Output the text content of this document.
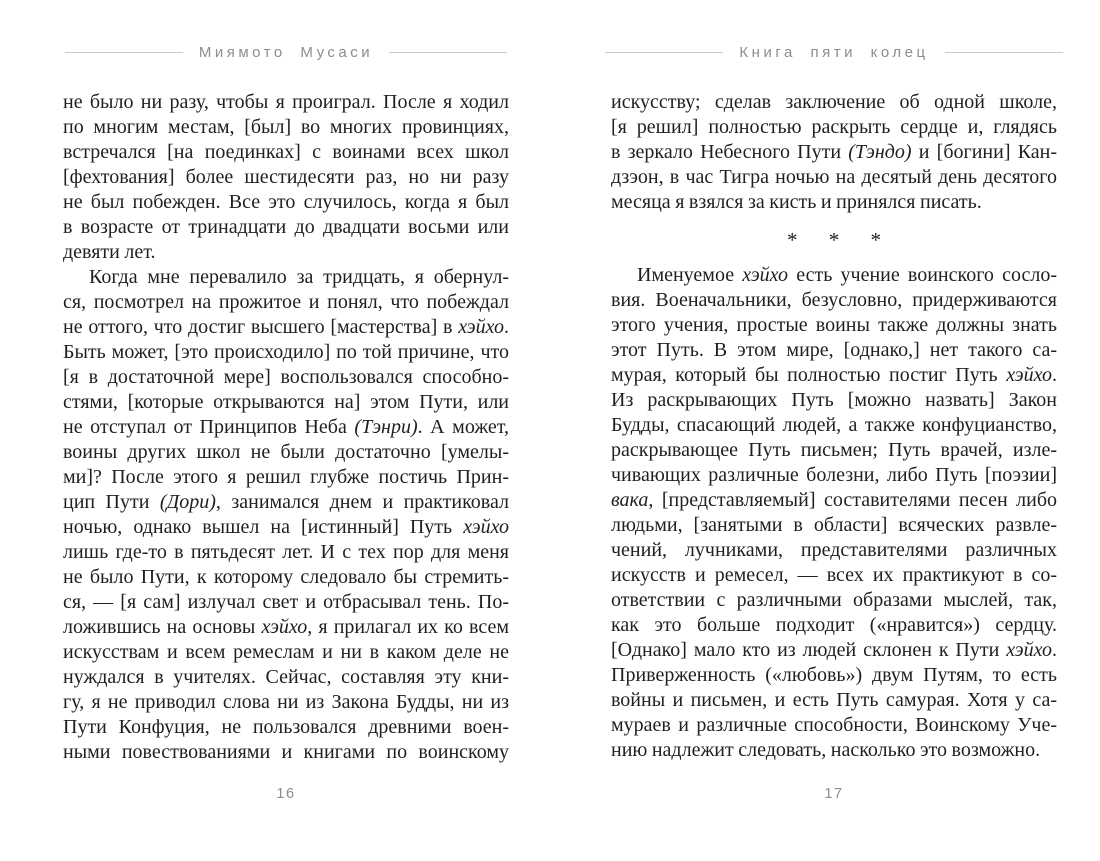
Миямото Мусаси
не было ни разу, чтобы я проиграл. После я ходил
по многим местам, [был] во многих провинциях,
встречался [на поединках] с воинами всех школ
[фехтования] более шестидесяти раз, но ни разу
не был побежден. Все это случилось, когда я был
в возрасте от тринадцати до двадцати восьми или
девяти лет.
Когда мне перевалило за тридцать, я обернул-
ся, посмотрел на прожитое и понял, что побеждал
не оттого, что достиг высшего [мастерства] в хэйхо.
Быть может, [это происходило] по той причине, что
[я в достаточной мере] воспользовался способно-
стями, [которые открываются на] этом Пути, или
не отступал от Принципов Неба (Тэнри). А может,
воины других школ не были достаточно [умелы-
ми]? После этого я решил глубже постичь Прин-
цип Пути (Дори), занимался днем и практиковал
ночью, однако вышел на [истинный] Путь хэйхо
лишь где-то в пятьдесят лет. И с тех пор для меня
не было Пути, к которому следовало бы стремить-
ся, — [я сам] излучал свет и отбрасывал тень. По-
ложившись на основы хэйхо, я прилагал их ко всем
искусствам и всем ремеслам и ни в каком деле не
нуждался в учителях. Сейчас, составляя эту кни-
гу, я не приводил слова ни из Закона Будды, ни из
Пути Конфуция, не пользовался древними воен-
ными повествованиями и книгами по воинскому
16
Книга пяти колец
искусству; сделав заключение об одной школе,
[я решил] полностью раскрыть сердце и, глядясь
в зеркало Небесного Пути (Тэндо) и [богини] Кан-
дзэон, в час Тигра ночью на десятый день десятого
месяца я взялся за кисть и принялся писать.
* * *
Именуемое хэйхо есть учение воинского сосло-
вия. Военачальники, безусловно, придерживаются
этого учения, простые воины также должны знать
этот Путь. В этом мире, [однако,] нет такого са-
мурая, который бы полностью постиг Путь хэйхо.
Из раскрывающих Путь [можно назвать] Закон
Будды, спасающий людей, а также конфуцианство,
раскрывающее Путь письмен; Путь врачей, изле-
чивающих различные болезни, либо Путь [поэзии]
вака, [представляемый] составителями песен либо
людьми, [занятыми в области] всяческих развле-
чений, лучниками, представителями различных
искусств и ремесел, — всех их практикуют в со-
ответствии с различными образами мыслей, так,
как это больше подходит («нравится») сердцу.
[Однако] мало кто из людей склонен к Пути хэйхо.
Приверженность («любовь») двум Путям, то есть
войны и письмен, и есть Путь самурая. Хотя у са-
мураев и различные способности, Воинскому Уче-
нию надлежит следовать, насколько это возможно.
17
